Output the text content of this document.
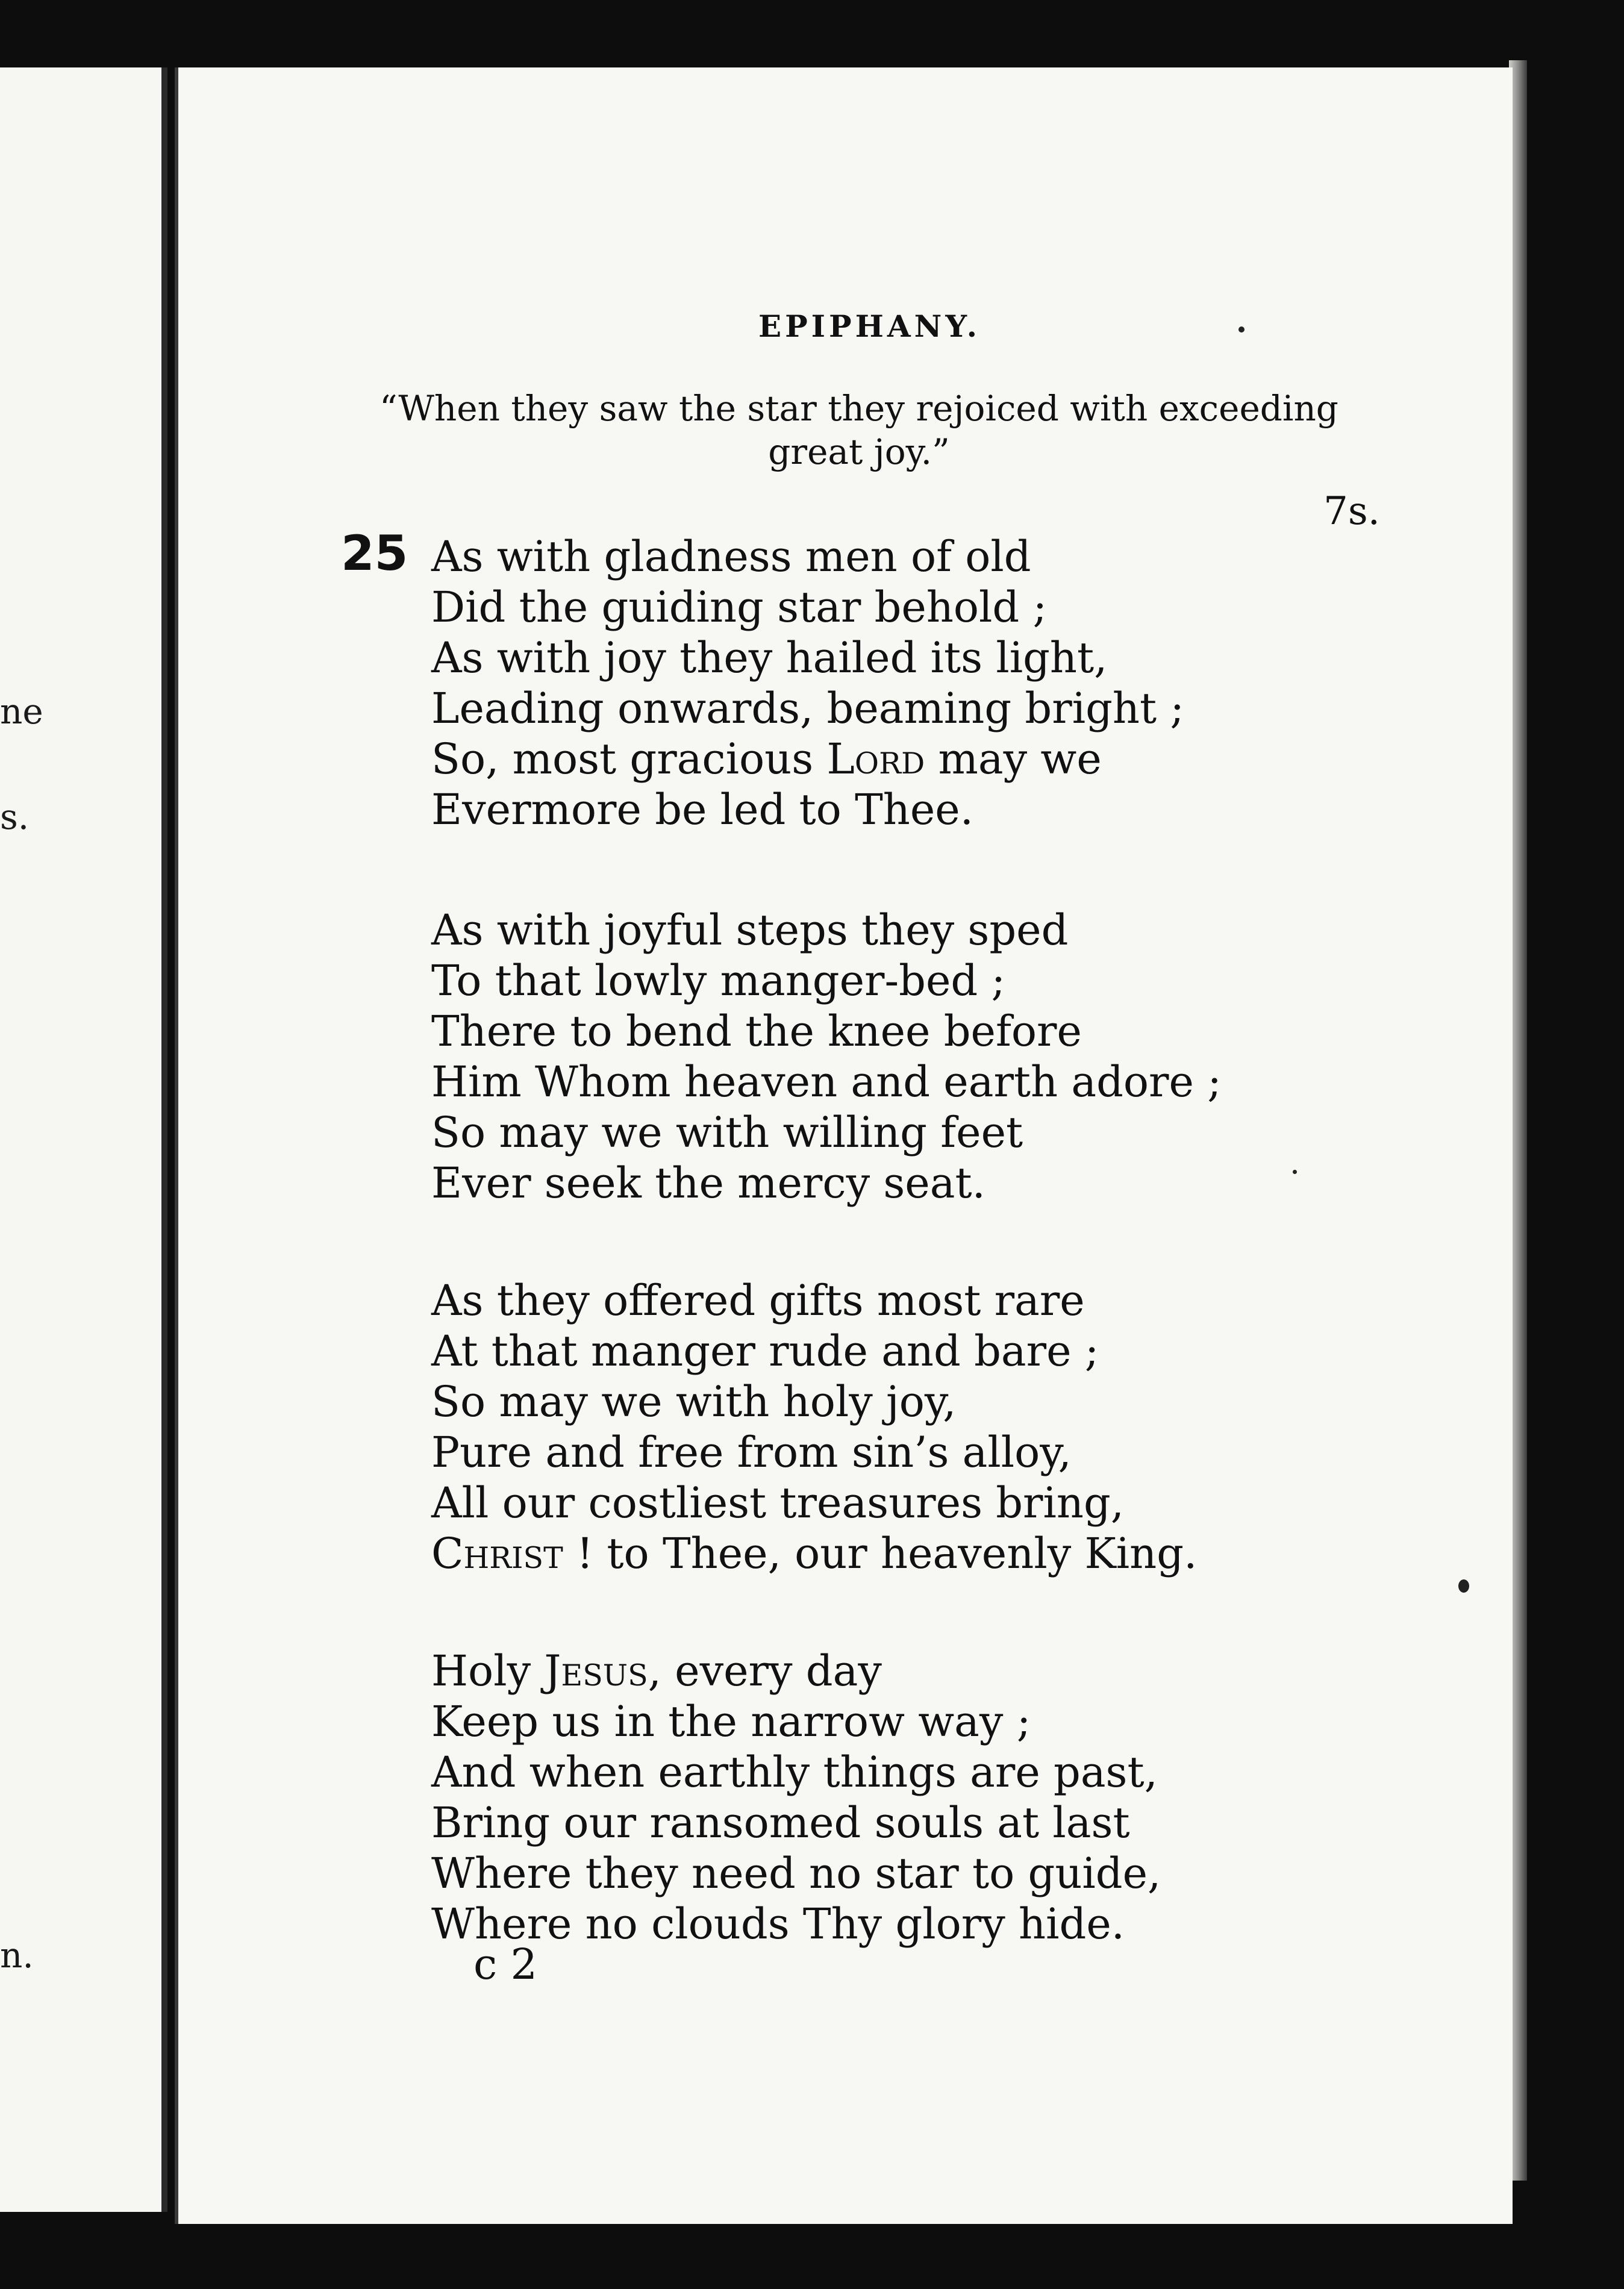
ne
s.
n.
EPIPHANY.
“When they saw the star they rejoiced with exceeding great joy.”
7s.
25 As with gladness men of old
Did the guiding star behold ;
As with joy they hailed its light,
Leading onwards, beaming bright ;
So, most gracious Lord may we
Evermore be led to Thee.
As with joyful steps they sped
To that lowly manger-bed ;
There to bend the knee before
Him Whom heaven and earth adore ;
So may we with willing feet
Ever seek the mercy seat.
As they offered gifts most rare
At that manger rude and bare ;
So may we with holy joy,
Pure and free from sin’s alloy,
All our costliest treasures bring,
Christ ! to Thee, our heavenly King.
Holy Jesus, every day
Keep us in the narrow way ;
And when earthly things are past,
Bring our ransomed souls at last
Where they need no star to guide,
Where no clouds Thy glory hide.
c 2
